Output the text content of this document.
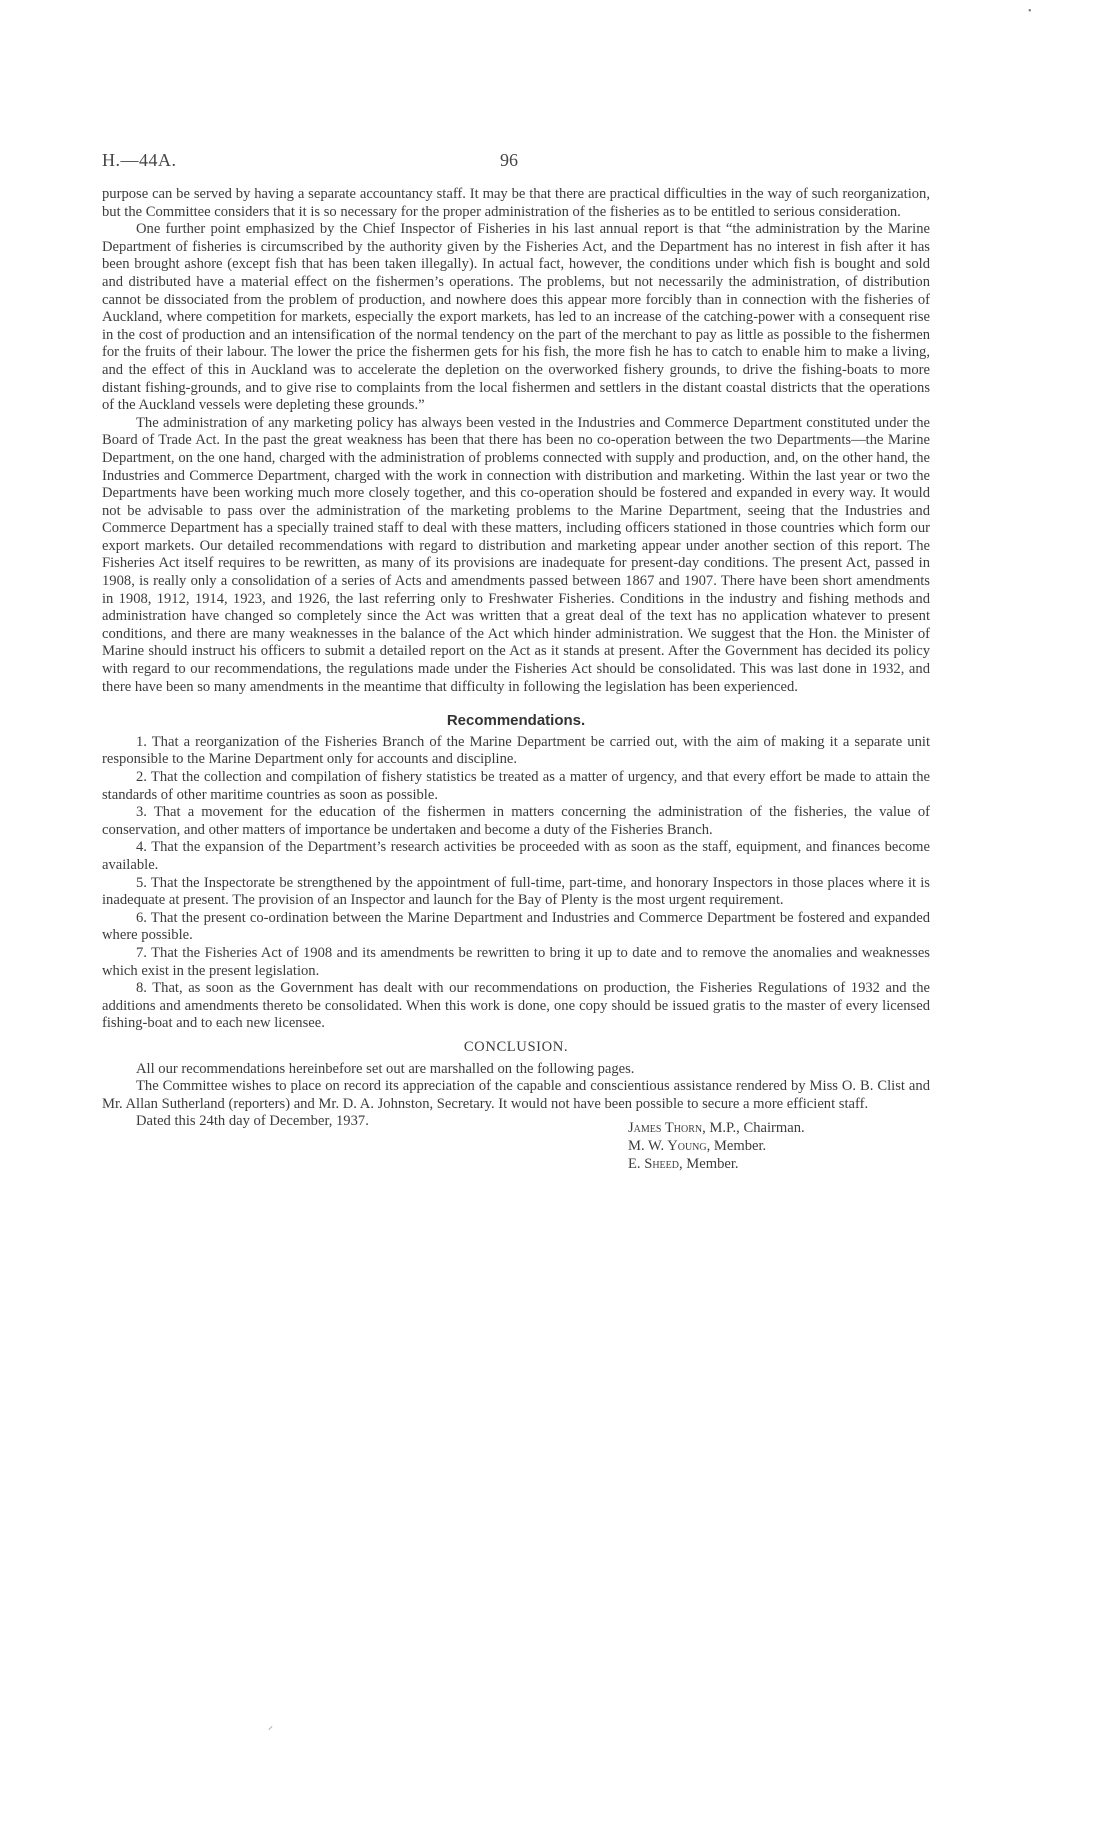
•
H.—44A.	96

purpose can be served by having a separate accountancy staff. It may be that there are practical difficulties in the way of such reorganization, but the Committee considers that it is so necessary for the proper administration of the fisheries as to be entitled to serious consideration.

One further point emphasized by the Chief Inspector of Fisheries in his last annual report is that “the administration by the Marine Department of fisheries is circumscribed by the authority given by the Fisheries Act, and the Department has no interest in fish after it has been brought ashore (except fish that has been taken illegally). In actual fact, however, the conditions under which fish is bought and sold and distributed have a material effect on the fishermen’s operations. The problems, but not necessarily the administration, of distribution cannot be dissociated from the problem of production, and nowhere does this appear more forcibly than in connection with the fisheries of Auckland, where competition for markets, especially the export markets, has led to an increase of the catching-power with a consequent rise in the cost of production and an intensification of the normal tendency on the part of the merchant to pay as little as possible to the fishermen for the fruits of their labour. The lower the price the fishermen gets for his fish, the more fish he has to catch to enable him to make a living, and the effect of this in Auckland was to accelerate the depletion on the overworked fishery grounds, to drive the fishing-boats to more distant fishing-grounds, and to give rise to complaints from the local fishermen and settlers in the distant coastal districts that the operations of the Auckland vessels were depleting these grounds.”

The administration of any marketing policy has always been vested in the Industries and Commerce Department constituted under the Board of Trade Act. In the past the great weakness has been that there has been no co-operation between the two Departments—the Marine Department, on the one hand, charged with the administration of problems connected with supply and production, and, on the other hand, the Industries and Commerce Department, charged with the work in connection with distribution and marketing. Within the last year or two the Departments have been working much more closely together, and this co-operation should be fostered and expanded in every way. It would not be advisable to pass over the administration of the marketing problems to the Marine Department, seeing that the Industries and Commerce Department has a specially trained staff to deal with these matters, including officers stationed in those countries which form our export markets. Our detailed recommendations with regard to distribution and marketing appear under another section of this report. The Fisheries Act itself requires to be rewritten, as many of its provisions are inadequate for present-day conditions. The present Act, passed in 1908, is really only a consolidation of a series of Acts and amendments passed between 1867 and 1907. There have been short amendments in 1908, 1912, 1914, 1923, and 1926, the last referring only to Freshwater Fisheries. Conditions in the industry and fishing methods and administration have changed so completely since the Act was written that a great deal of the text has no application whatever to present conditions, and there are many weaknesses in the balance of the Act which hinder administration. We suggest that the Hon. the Minister of Marine should instruct his officers to submit a detailed report on the Act as it stands at present. After the Government has decided its policy with regard to our recommendations, the regulations made under the Fisheries Act should be consolidated. This was last done in 1932, and there have been so many amendments in the meantime that difficulty in following the legislation has been experienced.

Recommendations.

1. That a reorganization of the Fisheries Branch of the Marine Department be carried out, with the aim of making it a separate unit responsible to the Marine Department only for accounts and discipline.

2. That the collection and compilation of fishery statistics be treated as a matter of urgency, and that every effort be made to attain the standards of other maritime countries as soon as possible.

3. That a movement for the education of the fishermen in matters concerning the administration of the fisheries, the value of conservation, and other matters of importance be undertaken and become a duty of the Fisheries Branch.

4. That the expansion of the Department’s research activities be proceeded with as soon as the staff, equipment, and finances become available.

5. That the Inspectorate be strengthened by the appointment of full-time, part-time, and honorary Inspectors in those places where it is inadequate at present. The provision of an Inspector and launch for the Bay of Plenty is the most urgent requirement.

6. That the present co-ordination between the Marine Department and Industries and Commerce Department be fostered and expanded where possible.

7. That the Fisheries Act of 1908 and its amendments be rewritten to bring it up to date and to remove the anomalies and weaknesses which exist in the present legislation.

8. That, as soon as the Government has dealt with our recommendations on production, the Fisheries Regulations of 1932 and the additions and amendments thereto be consolidated. When this work is done, one copy should be issued gratis to the master of every licensed fishing-boat and to each new licensee.

CONCLUSION.

All our recommendations hereinbefore set out are marshalled on the following pages.

The Committee wishes to place on record its appreciation of the capable and conscientious assistance rendered by Miss O. B. Clist and Mr. Allan Sutherland (reporters) and Mr. D. A. Johnston, Secretary. It would not have been possible to secure a more efficient staff.

Dated this 24th day of December, 1937.	James Thorn, M.P., Chairman.
M. W. Young, Member.
E. Sheed, Member.
⸝
